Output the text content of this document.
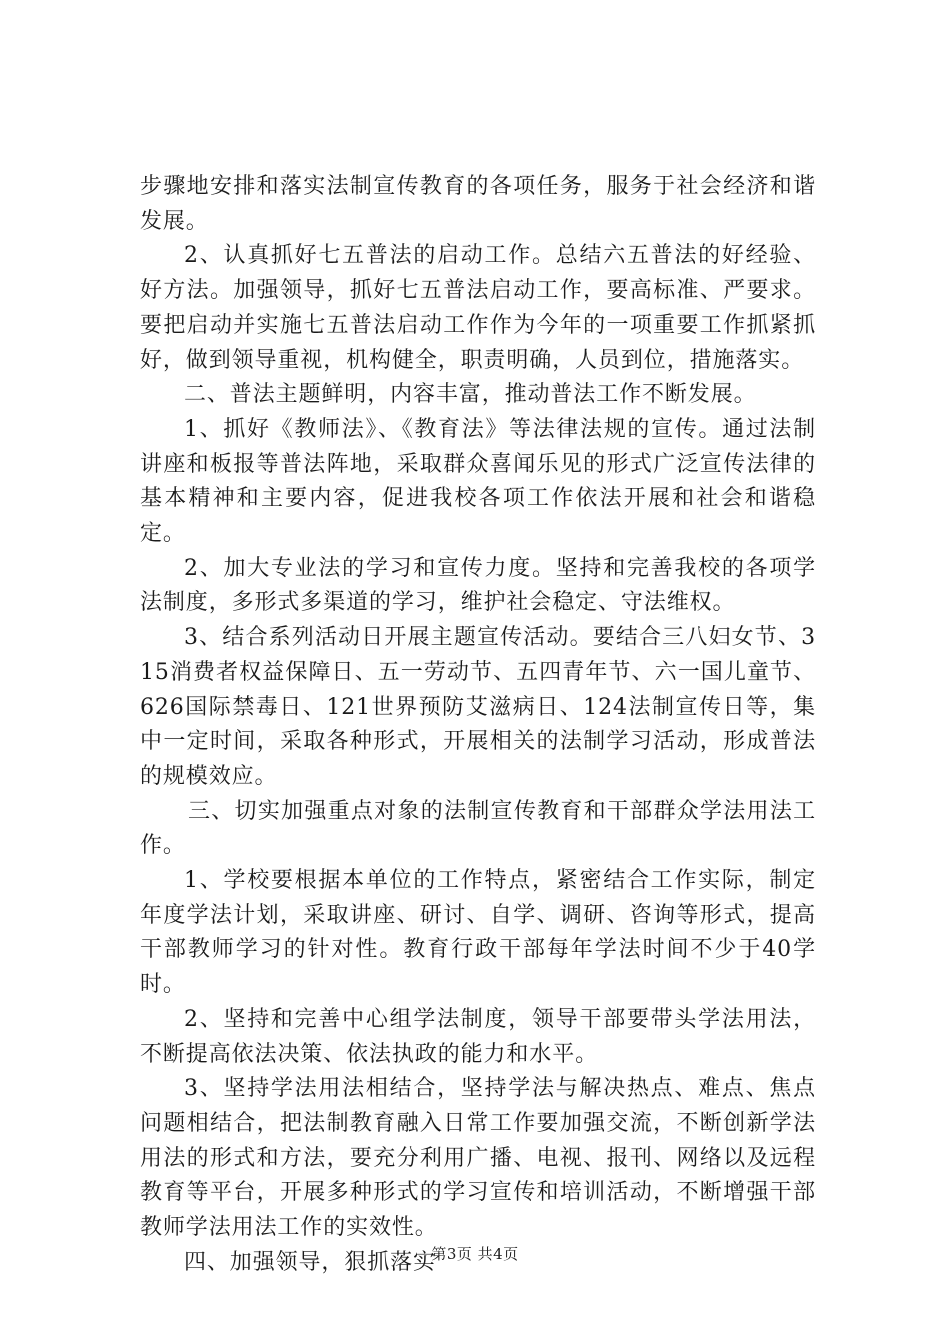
步骤地安排和落实法制宣传教育的各项任务，服务于社会经济和谐发展。

2、认真抓好七五普法的启动工作。总结六五普法的好经验、好方法。加强领导，抓好七五普法启动工作，要高标准、严要求。要把启动并实施七五普法启动工作作为今年的一项重要工作抓紧抓好，做到领导重视，机构健全，职责明确，人员到位，措施落实。

二、普法主题鲜明，内容丰富，推动普法工作不断发展。

1、抓好《教师法》、《教育法》等法律法规的宣传。通过法制讲座和板报等普法阵地，采取群众喜闻乐见的形式广泛宣传法律的基本精神和主要内容，促进我校各项工作依法开展和社会和谐稳定。

2、加大专业法的学习和宣传力度。坚持和完善我校的各项学法制度，多形式多渠道的学习，维护社会稳定、守法维权。

3、结合系列活动日开展主题宣传活动。要结合三八妇女节、315消费者权益保障日、五一劳动节、五四青年节、六一国儿童节、626国际禁毒日、121世界预防艾滋病日、124法制宣传日等，集中一定时间，采取各种形式，开展相关的法制学习活动，形成普法的规模效应。

三、切实加强重点对象的法制宣传教育和干部群众学法用法工作。

1、学校要根据本单位的工作特点，紧密结合工作实际，制定年度学法计划，采取讲座、研讨、自学、调研、咨询等形式，提高干部教师学习的针对性。教育行政干部每年学法时间不少于40学时。

2、坚持和完善中心组学法制度，领导干部要带头学法用法，不断提高依法决策、依法执政的能力和水平。

3、坚持学法用法相结合，坚持学法与解决热点、难点、焦点问题相结合，把法制教育融入日常工作要加强交流，不断创新学法用法的形式和方法，要充分利用广播、电视、报刊、网络以及远程教育等平台，开展多种形式的学习宣传和培训活动，不断增强干部教师学法用法工作的实效性。

四、加强领导，狠抓落实

第3页 共4页
